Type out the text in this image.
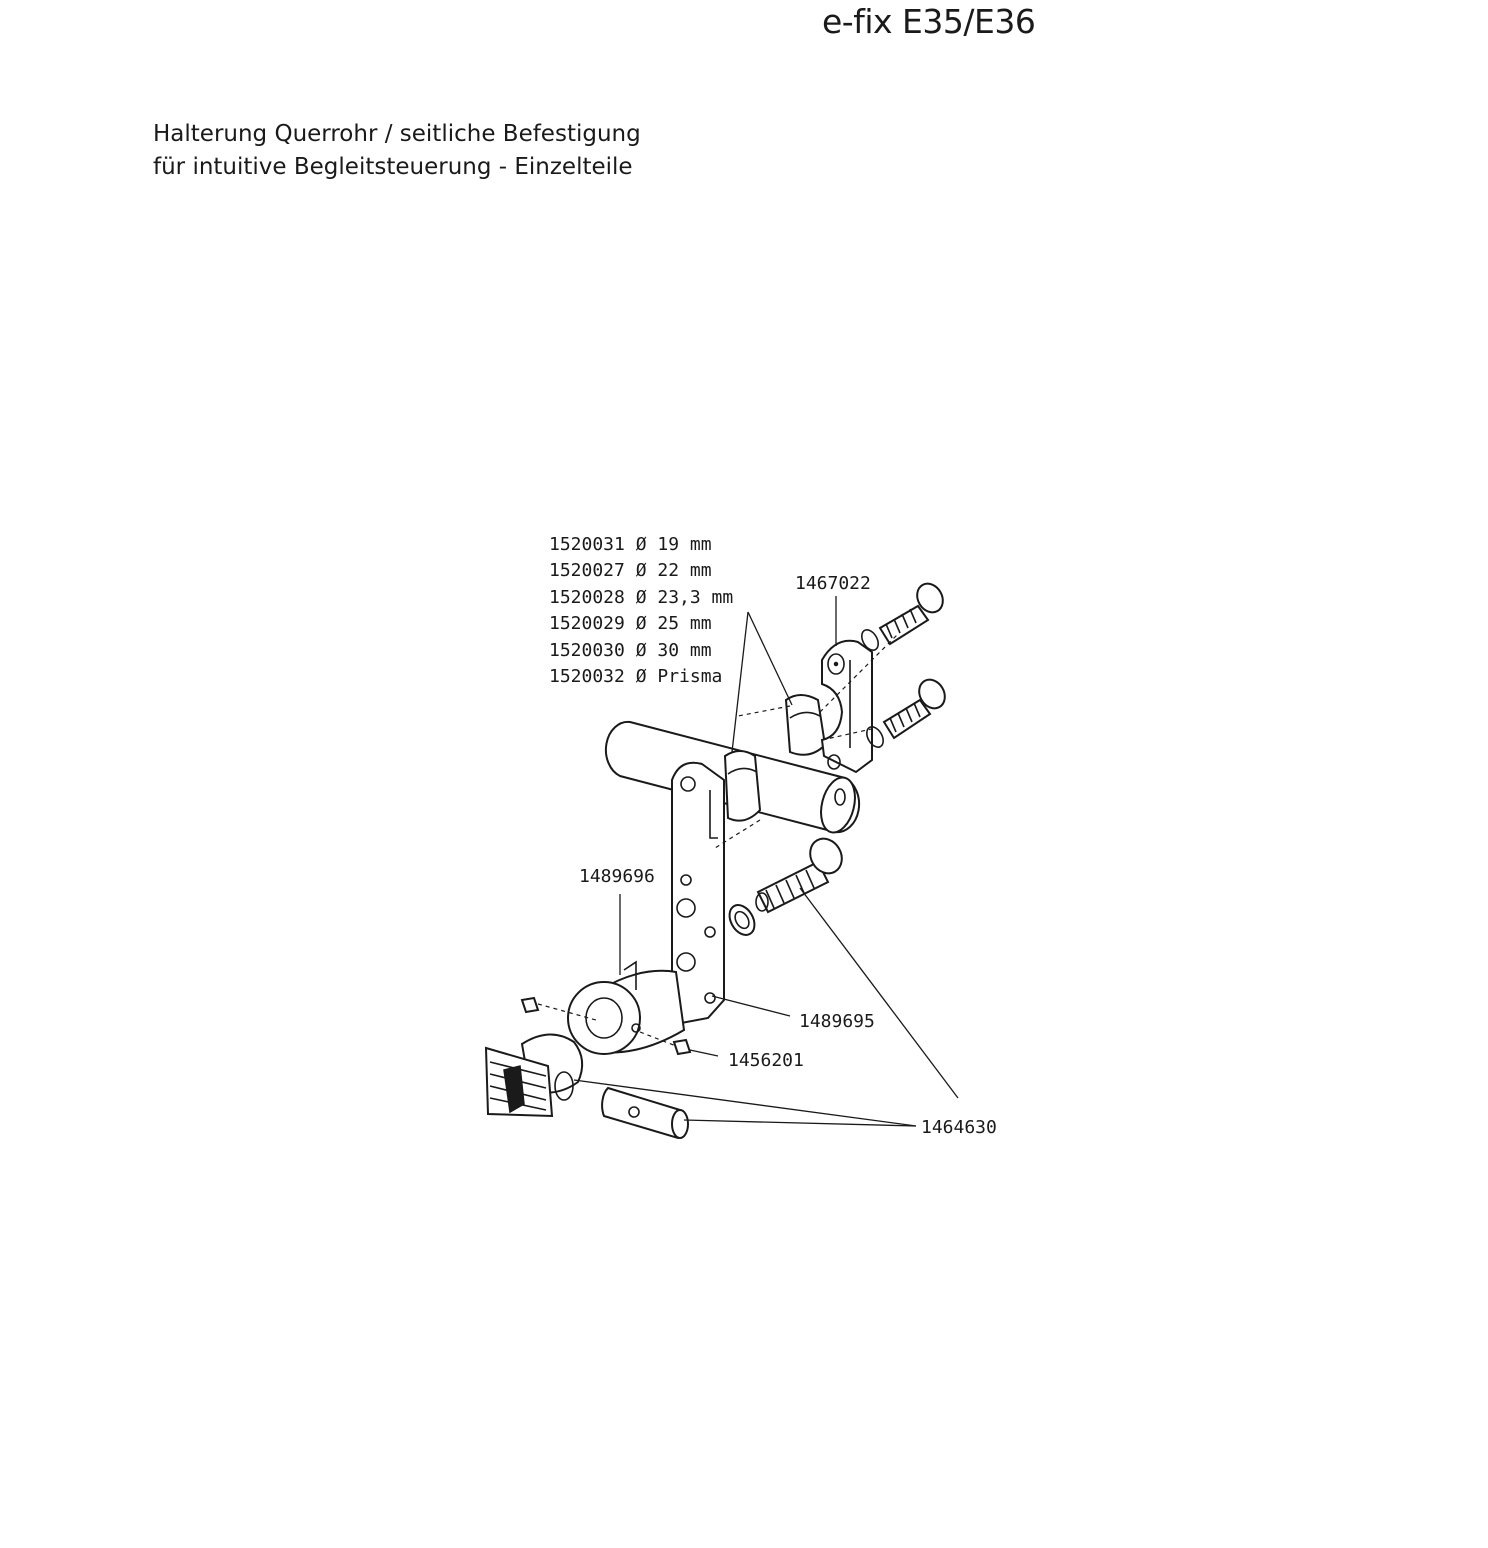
e-fix E35/E36
Halterung Querrohr / seitliche Befestigung
für intuitive Begleitsteuerung - Einzelteile
1520031 Ø 19 mm
1520027 Ø 22 mm
1520028 Ø 23,3 mm
1520029 Ø 25 mm
1520030 Ø 30 mm
1520032 Ø Prisma
1467022
1489696
1489695
1456201
1464630
